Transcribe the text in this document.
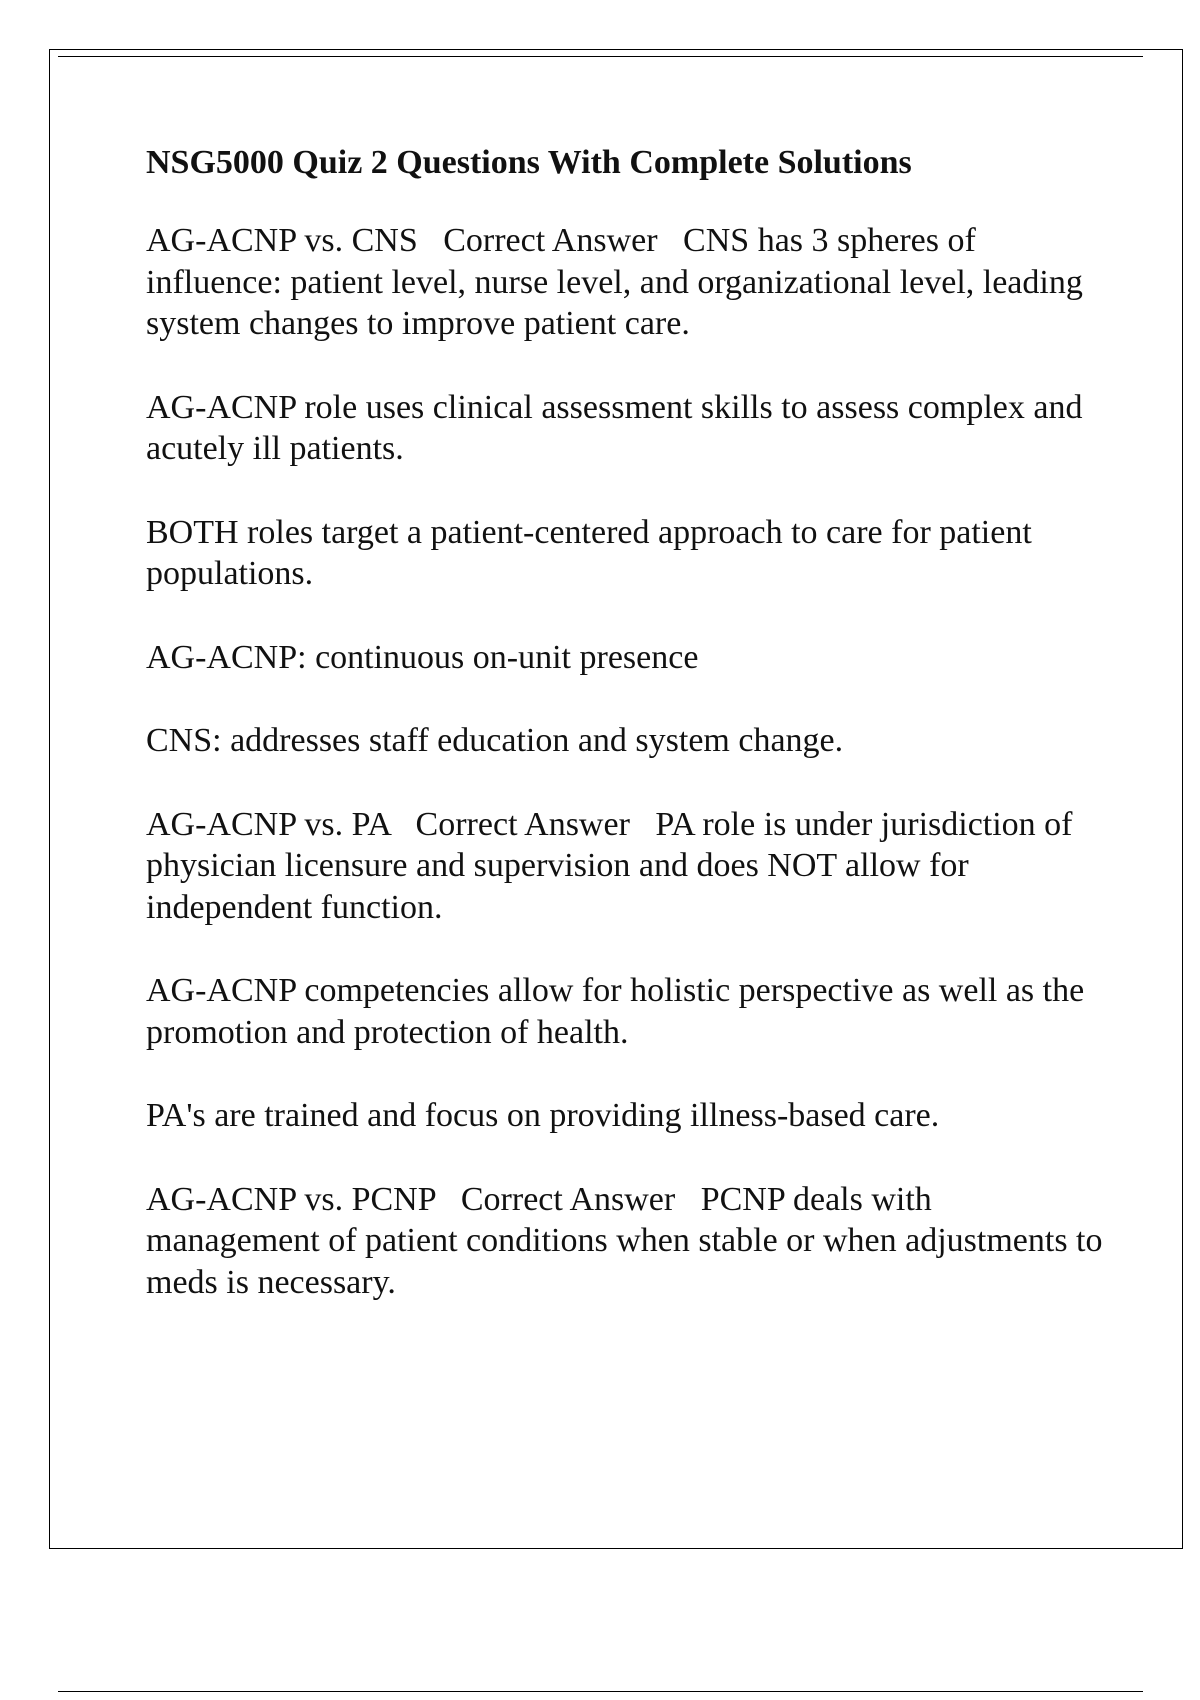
NSG5000 Quiz 2 Questions With Complete Solutions

AG-ACNP vs. CNS   Correct Answer   CNS has 3 spheres of influence: patient level, nurse level, and organizational level, leading system changes to improve patient care.

AG-ACNP role uses clinical assessment skills to assess complex and acutely ill patients.

BOTH roles target a patient-centered approach to care for patient populations.

AG-ACNP: continuous on-unit presence

CNS: addresses staff education and system change.

AG-ACNP vs. PA   Correct Answer   PA role is under jurisdiction of physician licensure and supervision and does NOT allow for independent function.

AG-ACNP competencies allow for holistic perspective as well as the promotion and protection of health.

PA's are trained and focus on providing illness-based care.

AG-ACNP vs. PCNP   Correct Answer   PCNP deals with management of patient conditions when stable or when adjustments to meds is necessary.
